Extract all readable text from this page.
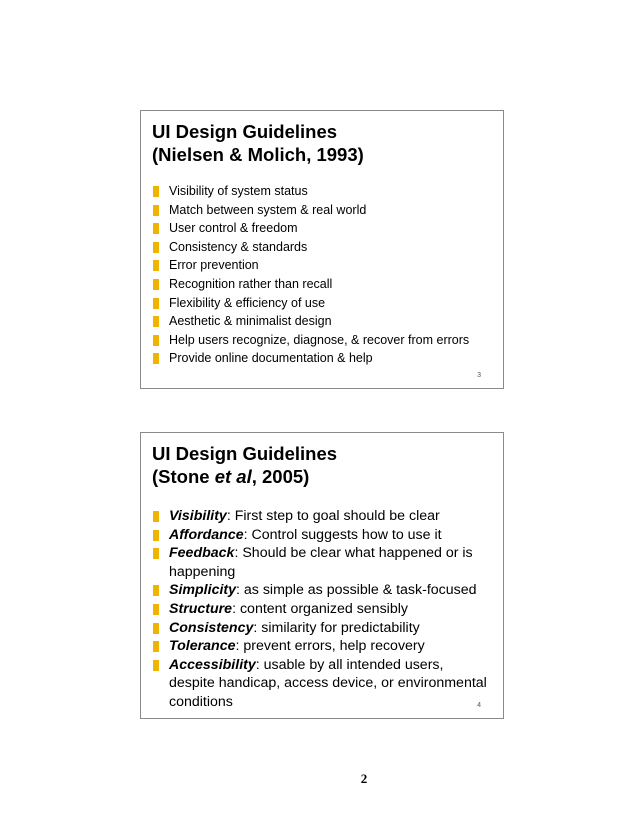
UI Design Guidelines
(Nielsen & Molich, 1993)
Visibility of system status
Match between system & real world
User control & freedom
Consistency & standards
Error prevention
Recognition rather than recall
Flexibility & efficiency of use
Aesthetic & minimalist design
Help users recognize, diagnose, & recover from errors
Provide online documentation & help
3
UI Design Guidelines
(Stone et al, 2005)
Visibility: First step to goal should be clear
Affordance: Control suggests how to use it
Feedback: Should be clear what happened or is happening
Simplicity: as simple as possible & task-focused
Structure: content organized sensibly
Consistency: similarity for predictability
Tolerance: prevent errors, help recovery
Accessibility: usable by all intended users, despite handicap, access device, or environmental conditions	4
2
